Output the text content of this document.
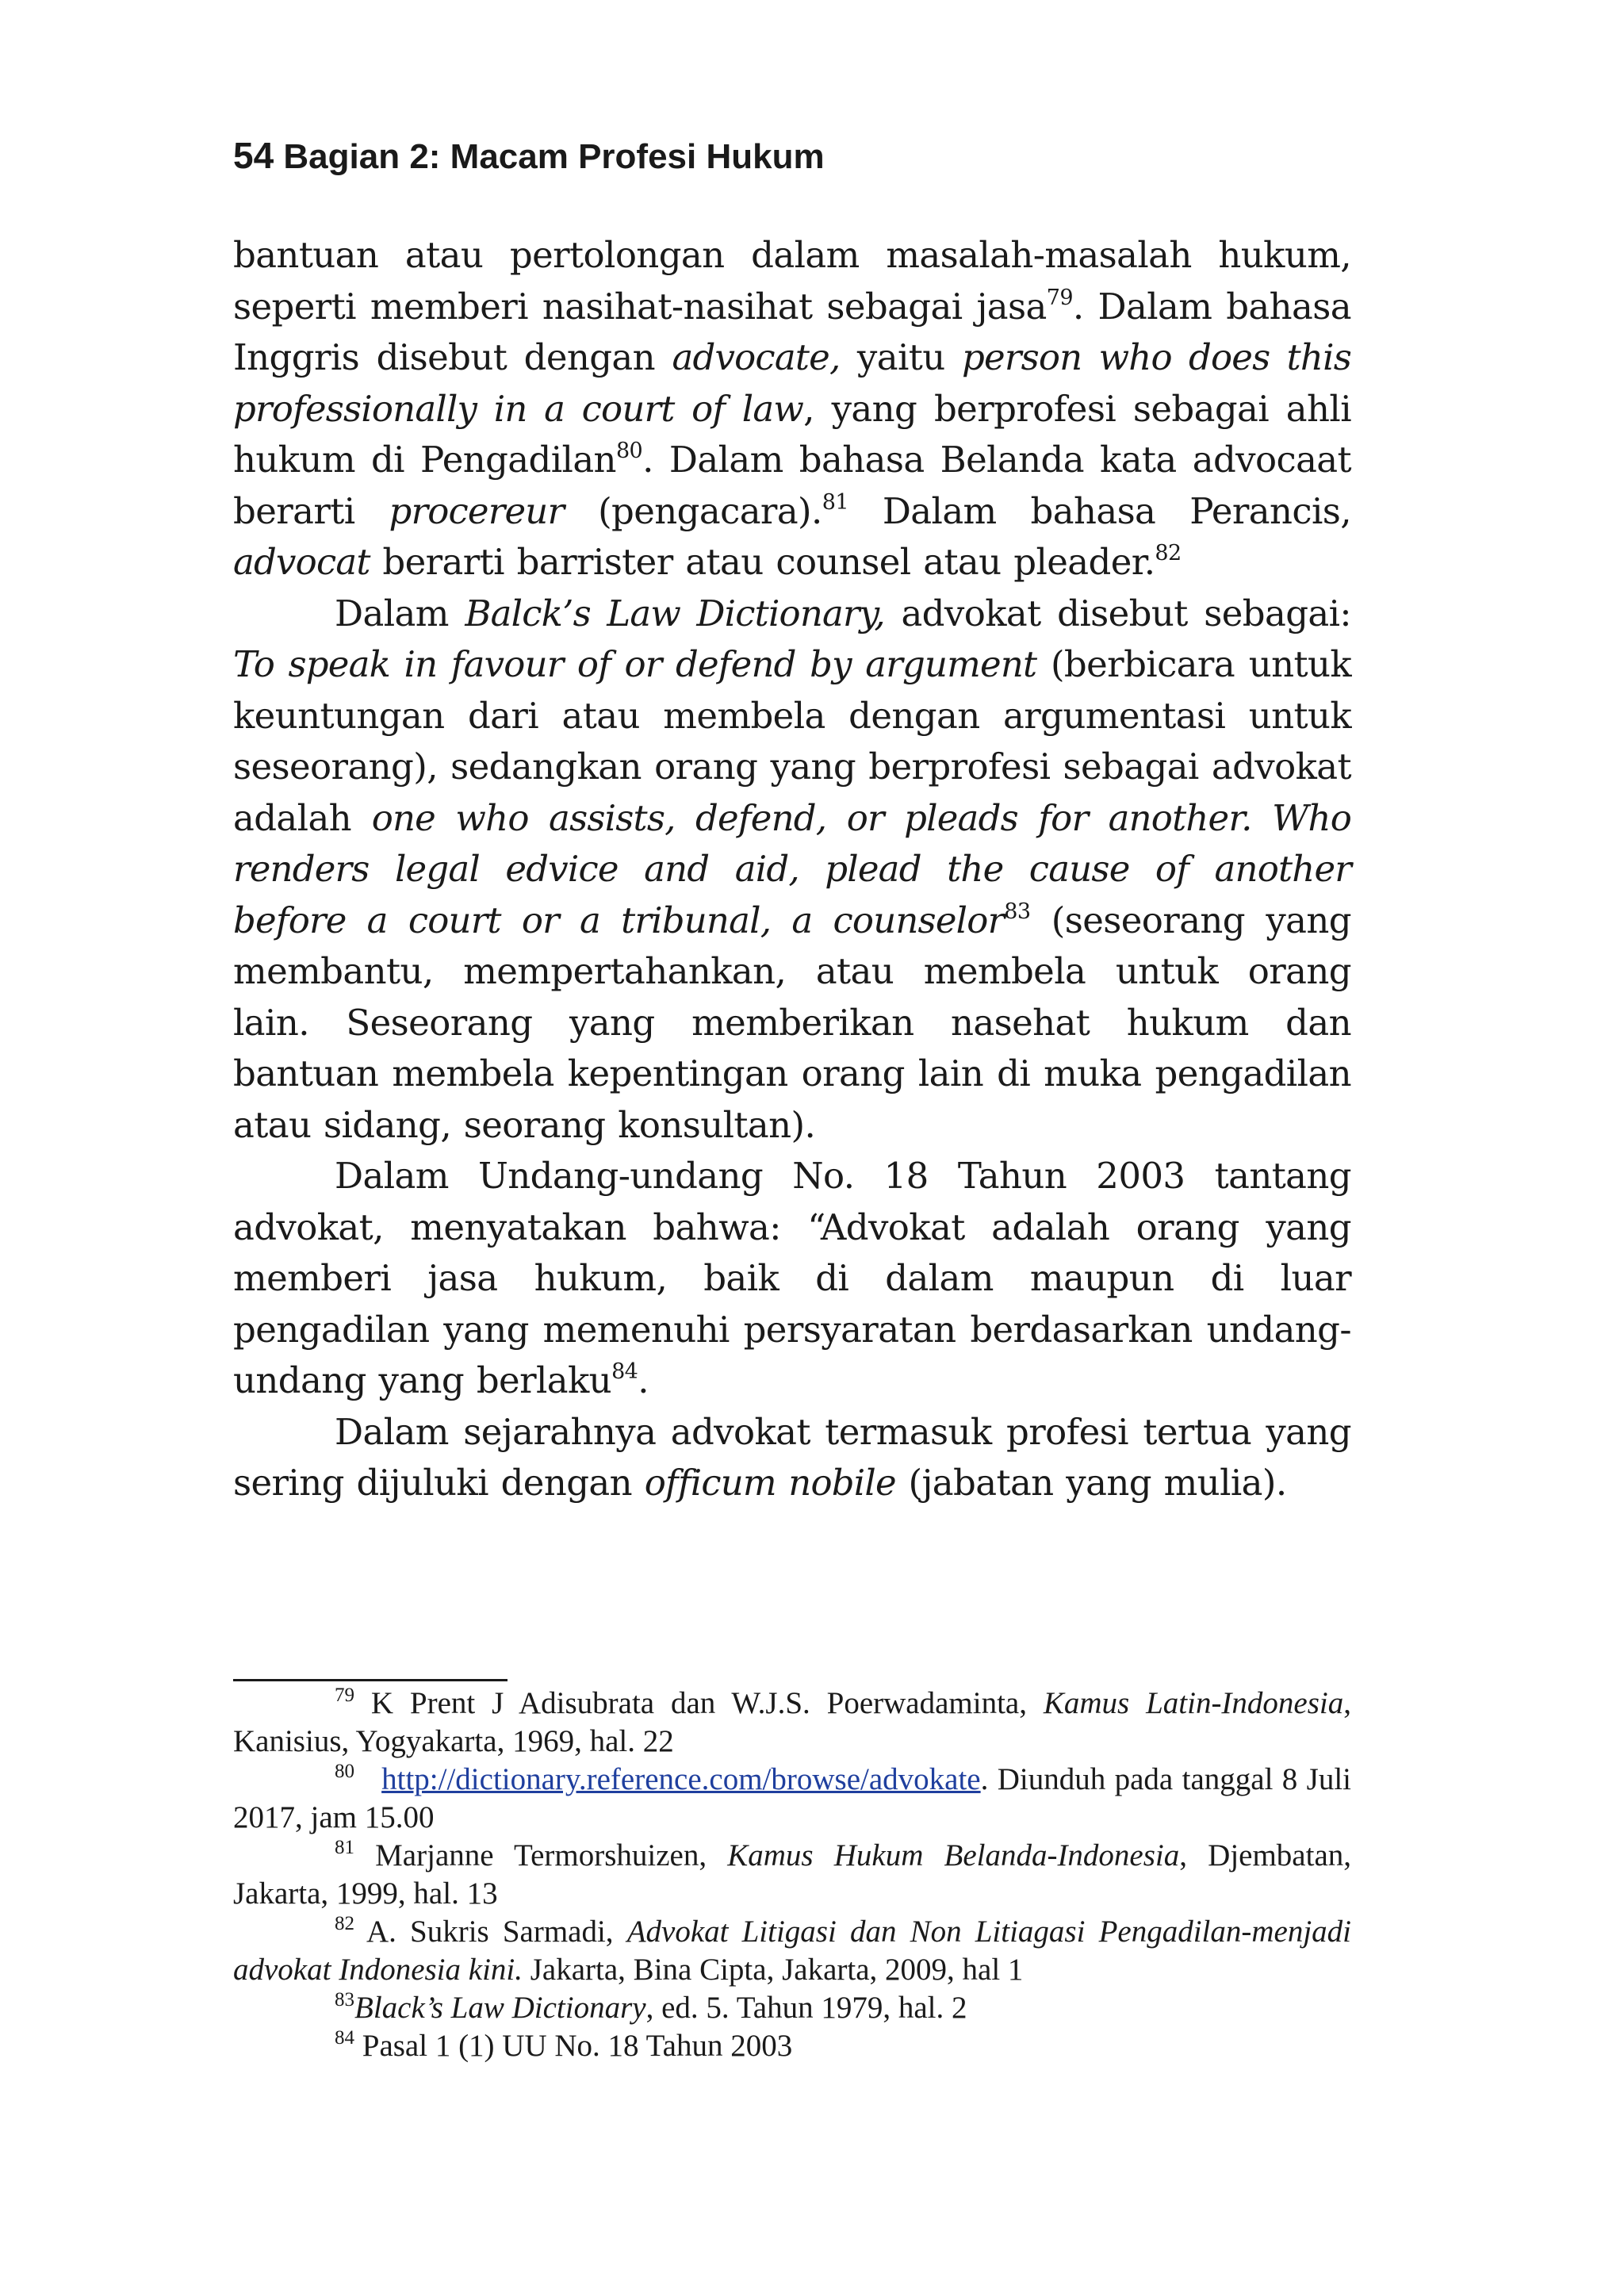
54 Bagian 2: Macam Profesi Hukum

bantuan atau pertolongan dalam masalah-masalah hukum, seperti memberi nasihat-nasihat sebagai jasa$^{79}$. Dalam bahasa Inggris disebut dengan advocate, yaitu person who does this professionally in a court of law, yang berprofesi sebagai ahli hukum di Pengadilan$^{80}$. Dalam bahasa Belanda kata advocaat berarti procereur (pengacara).$^{81}$ Dalam bahasa Perancis, advocat berarti barrister atau counsel atau pleader.$^{82}$

Dalam Balck’s Law Dictionary, advokat disebut sebagai: To speak in favour of or defend by argument (berbicara untuk keuntungan dari atau membela dengan argumentasi untuk seseorang), sedangkan orang yang berprofesi sebagai advokat adalah one who assists, defend, or pleads for another. Who renders legal edvice and aid, plead the cause of another before a court or a tribunal, a counselor$^{83}$ (seseorang yang membantu, mempertahankan, atau membela untuk orang lain. Seseorang yang memberikan nasehat hukum dan bantuan membela kepentingan orang lain di muka pengadilan atau sidang, seorang konsultan).

Dalam Undang-undang No. 18 Tahun 2003 tantang advokat, menyatakan bahwa: “Advokat adalah orang yang memberi jasa hukum, baik di dalam maupun di luar pengadilan yang memenuhi persyaratan berdasarkan undang-undang yang berlaku$^{84}$.

Dalam sejarahnya advokat termasuk profesi tertua yang sering dijuluki dengan officum nobile (jabatan yang mulia).

$^{79}$ K Prent J Adisubrata dan W.J.S. Poerwadaminta, Kamus Latin-Indonesia, Kanisius, Yogyakarta, 1969, hal. 22

$^{80}$ http://dictionary.reference.com/browse/advokate. Diunduh pada tanggal 8 Juli 2017, jam 15.00

$^{81}$ Marjanne Termorshuizen, Kamus Hukum Belanda-Indonesia, Djembatan, Jakarta, 1999, hal. 13

$^{82}$ A. Sukris Sarmadi, Advokat Litigasi dan Non Litiagasi Pengadilan-menjadi advokat Indonesia kini. Jakarta, Bina Cipta, Jakarta, 2009, hal 1

$^{83}$Black’s Law Dictionary, ed. 5. Tahun 1979, hal. 2

$^{84}$ Pasal 1 (1) UU No. 18 Tahun 2003
